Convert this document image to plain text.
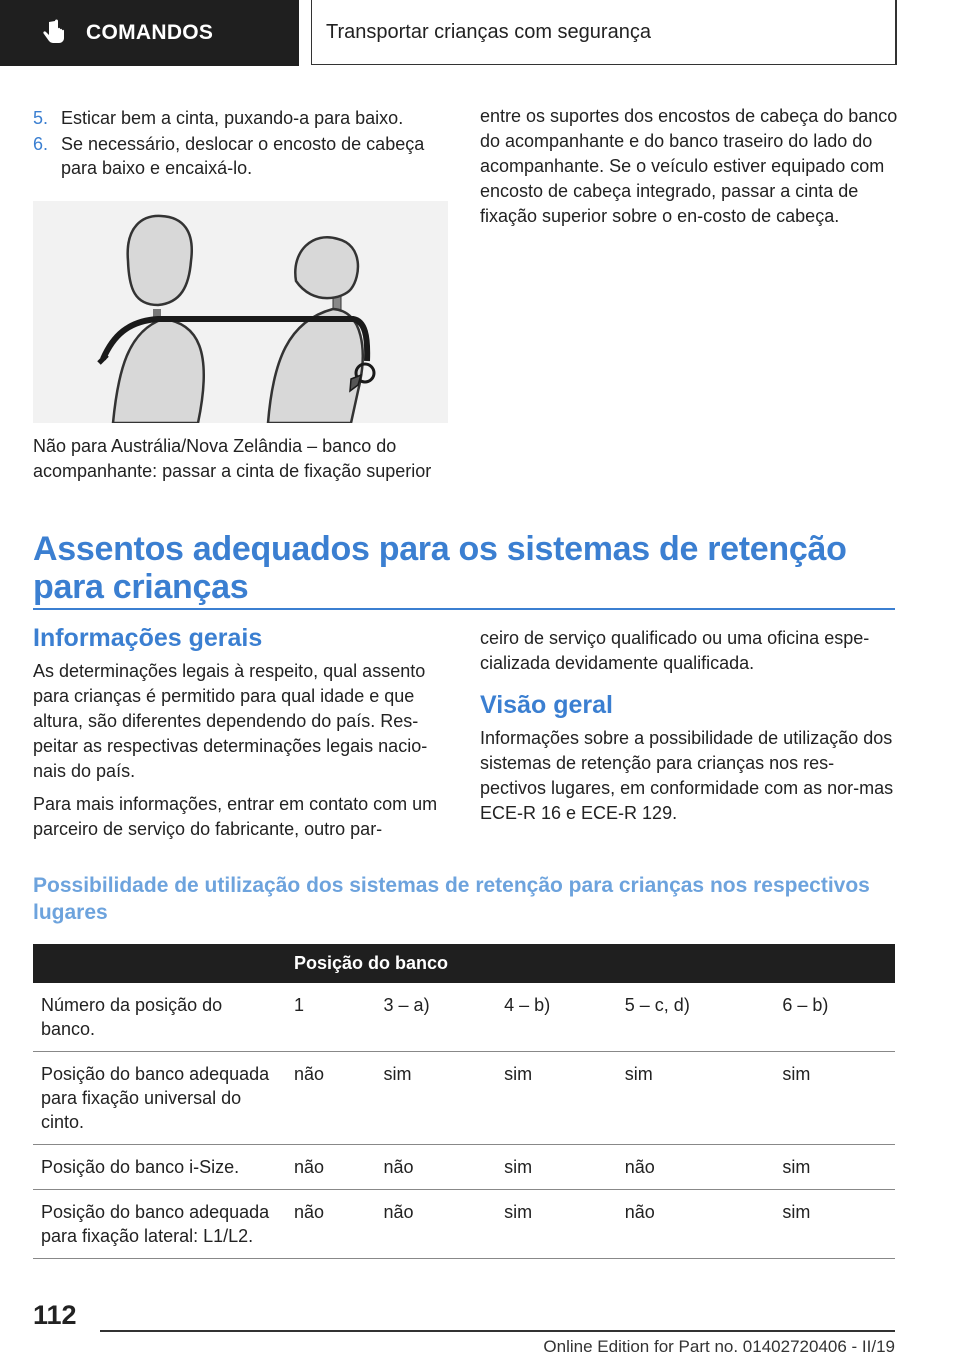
COMANDOS	Transportar crianças com segurança
5. Esticar bem a cinta, puxando-a para baixo.
6. Se necessário, deslocar o encosto de cabeça para baixo e encaixá-lo.
Não para Austrália/Nova Zelândia – banco do acompanhante: passar a cinta de fixação superior
entre os suportes dos encostos de cabeça do banco do acompanhante e do banco traseiro do lado do acompanhante. Se o veículo estiver equipado com encosto de cabeça integrado, passar a cinta de fixação superior sobre o en-costo de cabeça.
Assentos adequados para os sistemas de retenção para crianças
Informações gerais

As determinações legais à respeito, qual assento para crianças é permitido para qual idade e que altura, são diferentes dependendo do país. Res-peitar as respectivas determinações legais nacio-nais do país.

Para mais informações, entrar em contato com um parceiro de serviço do fabricante, outro par-

ceiro de serviço qualificado ou uma oficina espe-cializada devidamente qualificada.

Visão geral

Informações sobre a possibilidade de utilização dos sistemas de retenção para crianças nos res-pectivos lugares, em conformidade com as nor-mas ECE-R 16 e ECE-R 129.

Possibilidade de utilização dos sistemas de retenção para crianças nos respectivos lugares
	Posição do banco				
Número da posição do banco.	1	3 – a)	4 – b)	5 – c, d)	6 – b)
Posição do banco adequada para fixação universal do cinto.	não	sim	sim	sim	sim
Posição do banco i-Size.	não	não	sim	não	sim
Posição do banco adequada para fixação lateral: L1/L2.	não	não	sim	não	sim
112
Online Edition for Part no. 01402720406 - II/19
